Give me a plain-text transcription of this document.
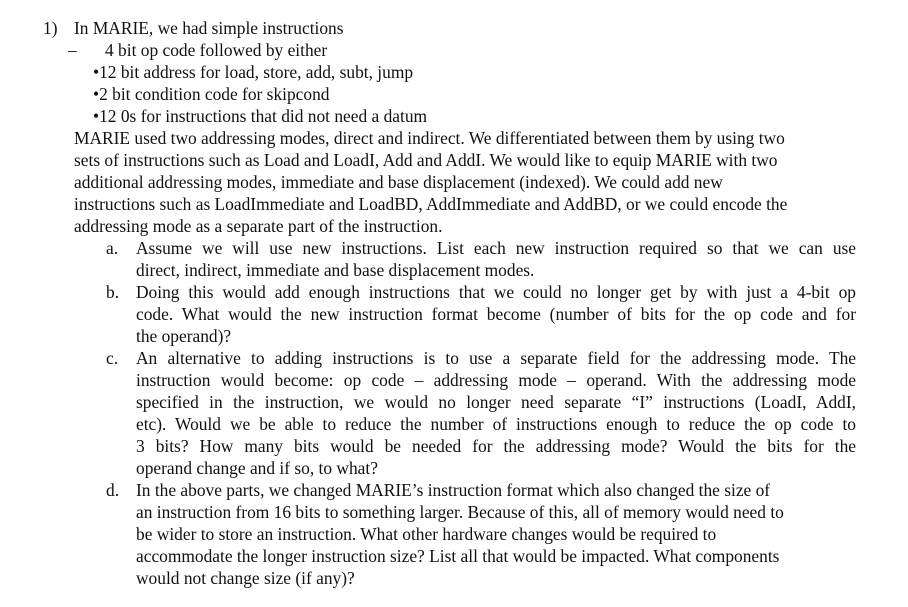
1) In MARIE, we had simple instructions
– 4 bit op code followed by either
•12 bit address for load, store, add, subt, jump
•2 bit condition code for skipcond
•12 0s for instructions that did not need a datum
MARIE used two addressing modes, direct and indirect. We differentiated between them by using two
sets of instructions such as Load and LoadI, Add and AddI. We would like to equip MARIE with two
additional addressing modes, immediate and base displacement (indexed). We could add new
instructions such as LoadImmediate and LoadBD, AddImmediate and AddBD, or we could encode the
addressing mode as a separate part of the instruction.
a. Assume we will use new instructions. List each new instruction required so that we can use
direct, indirect, immediate and base displacement modes.
b. Doing this would add enough instructions that we could no longer get by with just a 4-bit op
code. What would the new instruction format become (number of bits for the op code and for
the operand)?
c. An alternative to adding instructions is to use a separate field for the addressing mode. The
instruction would become: op code – addressing mode – operand. With the addressing mode
specified in the instruction, we would no longer need separate “I” instructions (LoadI, AddI,
etc). Would we be able to reduce the number of instructions enough to reduce the op code to
3 bits? How many bits would be needed for the addressing mode? Would the bits for the
operand change and if so, to what?
d. In the above parts, we changed MARIE’s instruction format which also changed the size of
an instruction from 16 bits to something larger. Because of this, all of memory would need to
be wider to store an instruction. What other hardware changes would be required to
accommodate the longer instruction size? List all that would be impacted. What components
would not change size (if any)?
